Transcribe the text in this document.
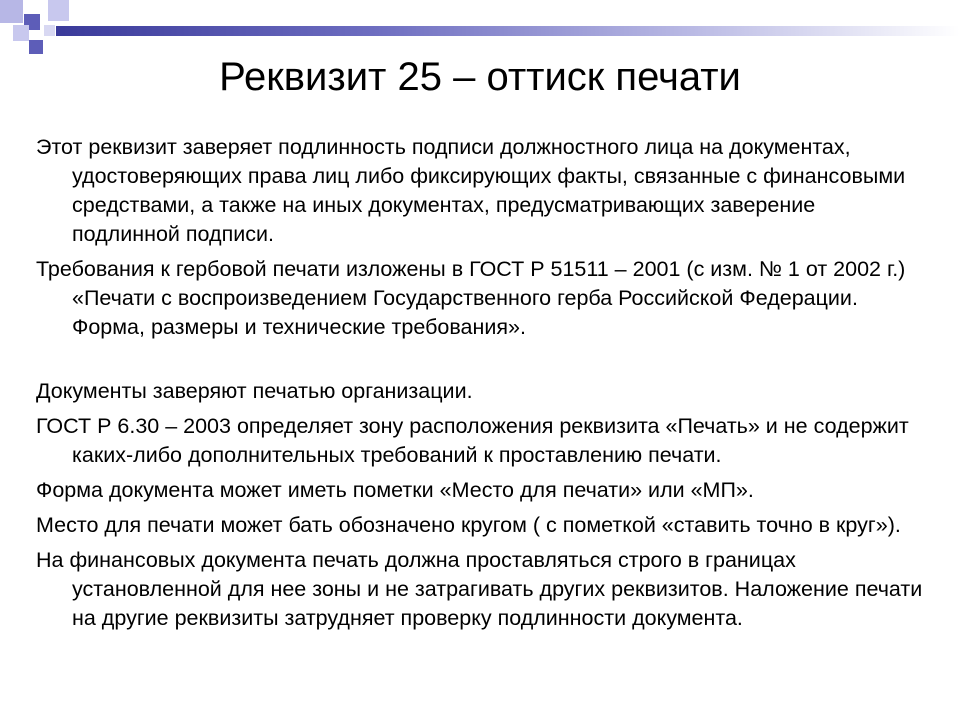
Реквизит 25 – оттиск печати

Этот реквизит заверяет подлинность подписи должностного лица на документах, удостоверяющих права лиц либо фиксирующих факты, связанные с финансовыми средствами, а также на иных документах, предусматривающих заверение подлинной подписи.

Требования к гербовой печати изложены в ГОСТ Р 51511 – 2001 (с изм. № 1 от 2002 г.) «Печати с воспроизведением Государственного герба Российской Федерации. Форма, размеры и технические требования».

Документы заверяют печатью организации.

ГОСТ Р 6.30 – 2003 определяет зону расположения реквизита «Печать» и не содержит каких-либо дополнительных требований к проставлению печати.

Форма документа может иметь пометки «Место для печати» или «МП».

Место для печати может бать обозначено кругом ( с пометкой «ставить точно в круг»).

На финансовых документа печать должна проставляться строго в границах установленной для нее зоны и не затрагивать других реквизитов. Наложение печати на другие реквизиты затрудняет проверку подлинности документа.
